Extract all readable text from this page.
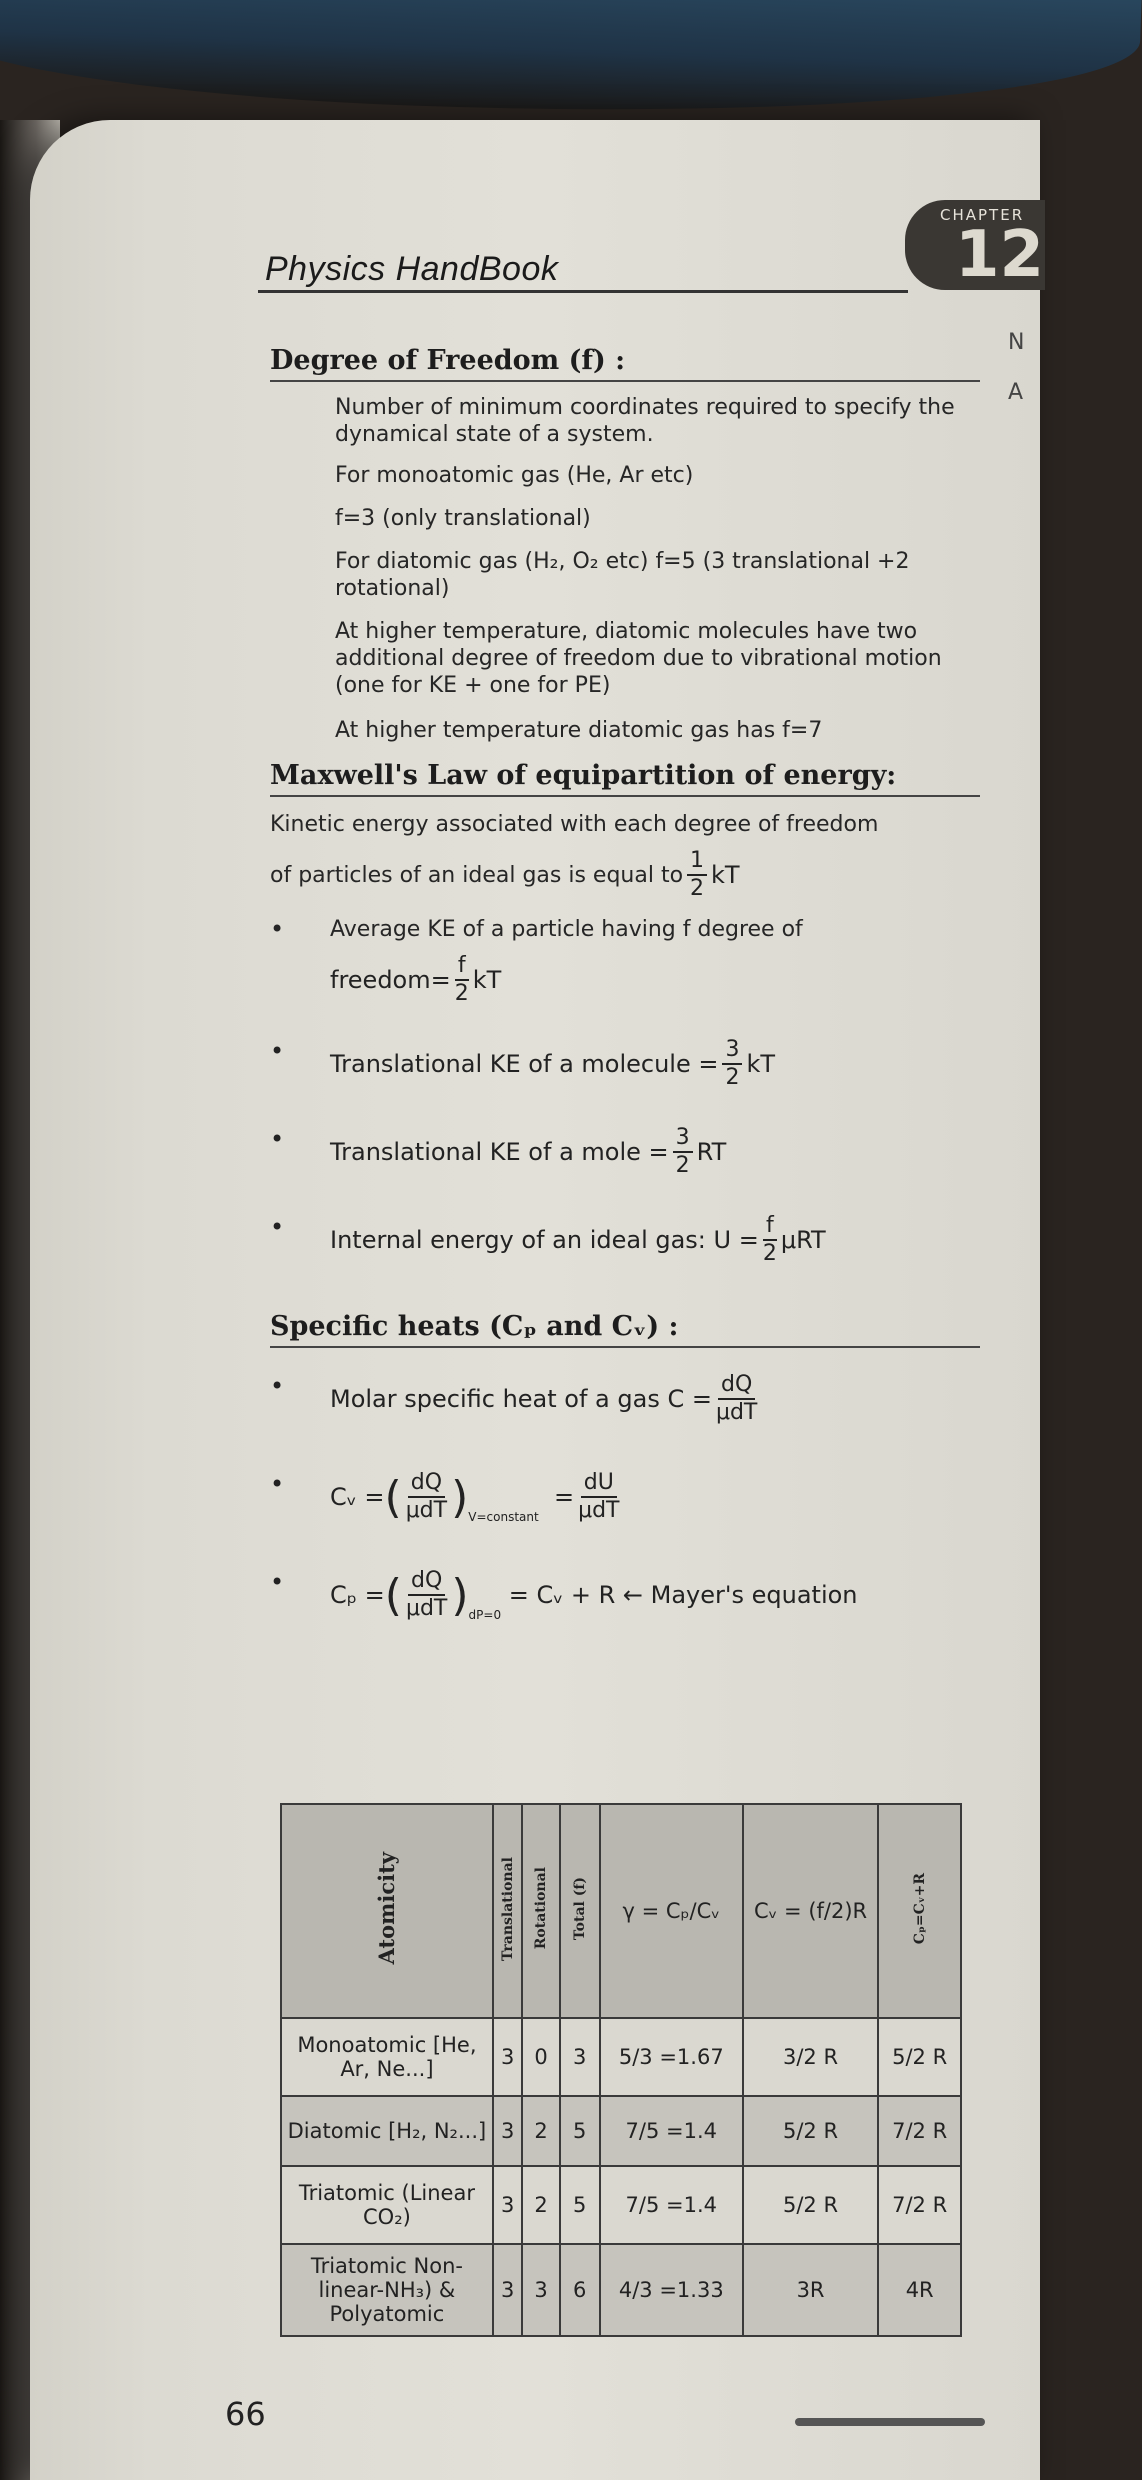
Physics HandBook
CHAPTER
12
N
A
Degree of Freedom (f) :

Number of minimum coordinates required to specify the dynamical state of a system.

For monoatomic gas (He, Ar etc)

f=3 (only translational)

For diatomic gas (H₂, O₂ etc) f=5 (3 translational +2 rotational)

At higher temperature, diatomic molecules have two additional degree of freedom due to vibrational motion (one for KE + one for PE)

At higher temperature diatomic gas has f=7

Maxwell's Law of equipartition of energy:

Kinetic energy associated with each degree of freedom

of particles of an ideal gas is equal to $\frac{1}{2}$ kT
• Average KE of a particle having f degree of
freedom= $\frac{f}{2}$ kT
• Translational KE of a molecule = $\frac{3}{2}$ kT
• Translational KE of a mole = $\frac{3}{2}$ RT
• Internal energy of an ideal gas: $U = \frac{f}{2}$ μRT
Specific heats (Cₚ and Cᵥ) :
• Molar specific heat of a gas $C = \frac{dQ}{\text{μdT}}$
• Cᵥ = ( $\frac{dQ}{\text{μdT}}$ ) V=constant
= $\frac{dU}{\text{μdT}}$
• Cₚ = ( $\frac{dQ}{\text{μdT}}$ ) dP=0

= Cᵥ + R
← Mayer's equation
Atomicity	Translational	Rotational	Total (f)	γ = Cₚ/Cᵥ	Cᵥ = (f/2)R	Cₚ=Cᵥ+R
Monoatomic [He, Ar, Ne...]	3	0	3	5/3 =1.67	3/2 R	5/2 R
Diatomic [H₂, N₂...]	3	2	5	7/5 =1.4	5/2 R	7/2 R
Triatomic (Linear CO₂)	3	2	5	7/5 =1.4	5/2 R	7/2 R
Triatomic Non-linear-NH₃) & Polyatomic	3	3	6	4/3 =1.33	3R	4R
66
